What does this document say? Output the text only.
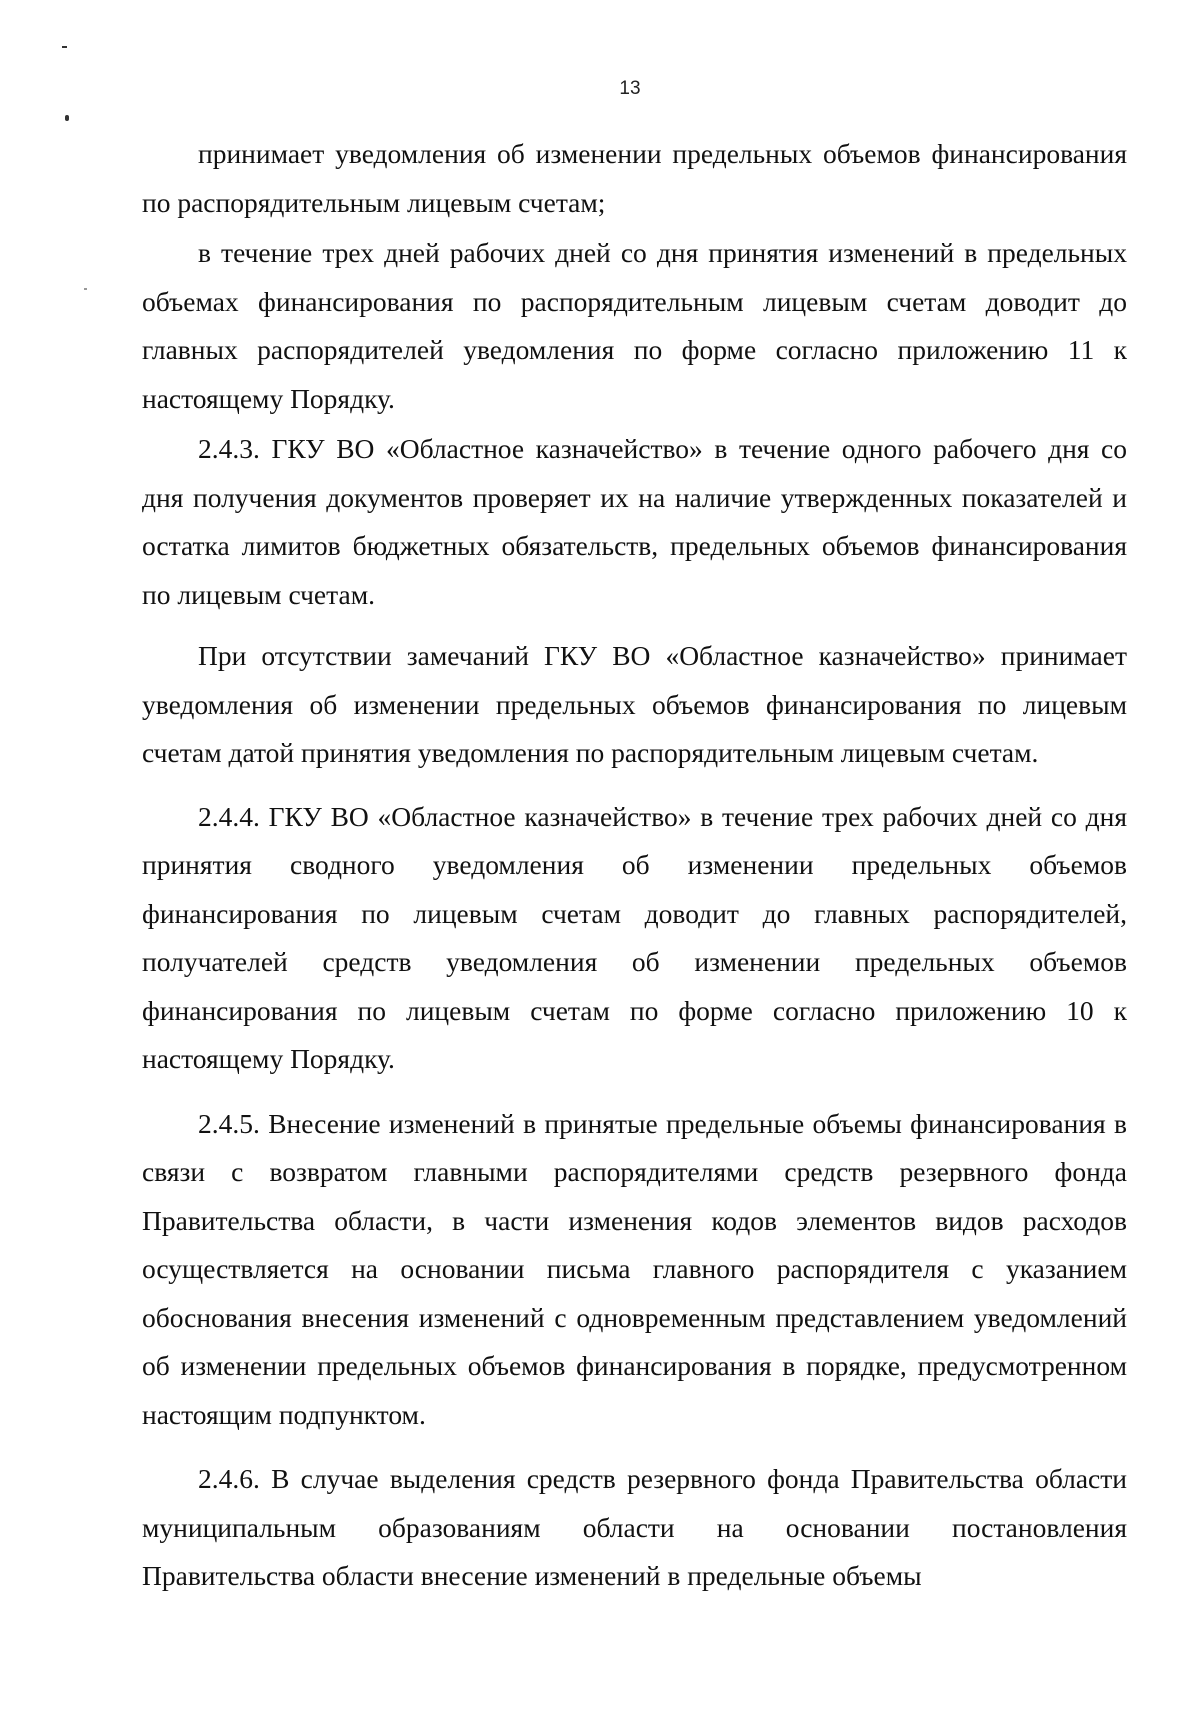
13

принимает уведомления об изменении предельных объемов финансирования по распорядительным лицевым счетам;

в течение трех дней рабочих дней со дня принятия изменений в предельных объемах финансирования по распорядительным лицевым счетам доводит до главных распорядителей уведомления по форме согласно приложению 11 к настоящему Порядку.

2.4.3. ГКУ ВО «Областное казначейство» в течение одного рабочего дня со дня получения документов проверяет их на наличие утвержденных показателей и остатка лимитов бюджетных обязательств, предельных объемов финансирования по лицевым счетам.

При отсутствии замечаний ГКУ ВО «Областное казначейство» принимает уведомления об изменении предельных объемов финансирования по лицевым счетам датой принятия уведомления по распорядительным лицевым счетам.

2.4.4. ГКУ ВО «Областное казначейство» в течение трех рабочих дней со дня принятия сводного уведомления об изменении предельных объемов финансирования по лицевым счетам доводит до главных распорядителей, получателей средств уведомления об изменении предельных объемов финансирования по лицевым счетам по форме согласно приложению 10 к настоящему Порядку.

2.4.5. Внесение изменений в принятые предельные объемы финансирования в связи с возвратом главными распорядителями средств резервного фонда Правительства области, в части изменения кодов элементов видов расходов осуществляется на основании письма главного распорядителя с указанием обоснования внесения изменений с одновременным представлением уведомлений об изменении предельных объемов финансирования в порядке, предусмотренном настоящим подпунктом.

2.4.6. В случае выделения средств резервного фонда Правительства области муниципальным образованиям области на основании постановления Правительства области внесение изменений в предельные объемы
